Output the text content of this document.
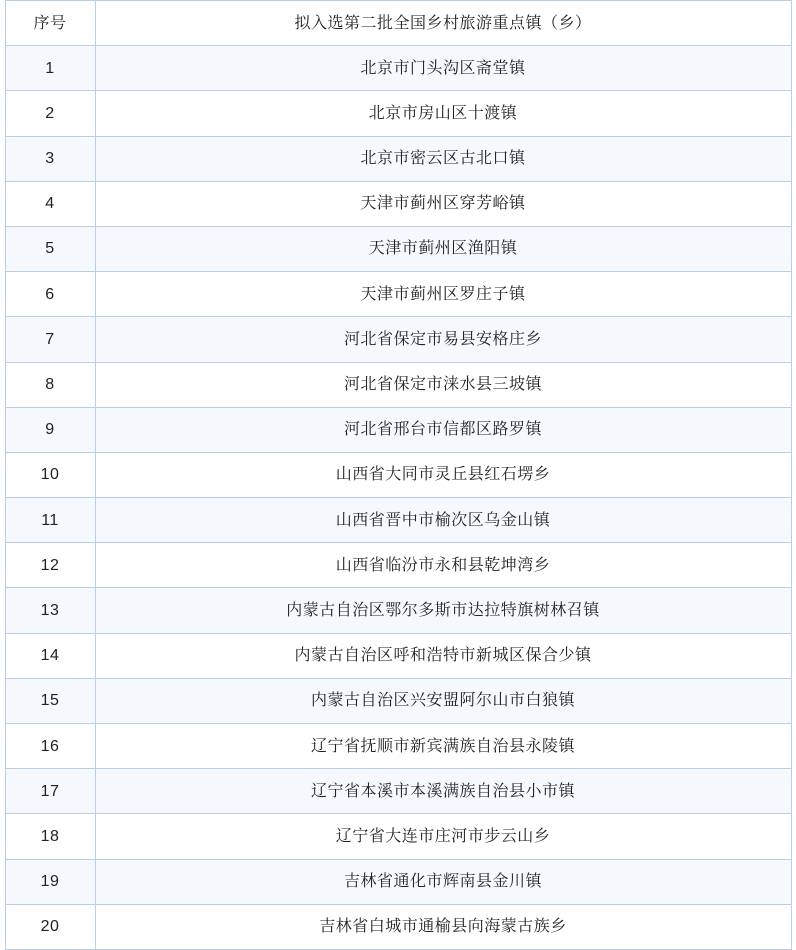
序号	拟入选第二批全国乡村旅游重点镇（乡）

1	北京市门头沟区斋堂镇

2	北京市房山区十渡镇

3	北京市密云区古北口镇

4	天津市蓟州区穿芳峪镇

5	天津市蓟州区渔阳镇

6	天津市蓟州区罗庄子镇

7	河北省保定市易县安格庄乡

8	河北省保定市涞水县三坡镇

9	河北省邢台市信都区路罗镇

10	山西省大同市灵丘县红石塄乡

11	山西省晋中市榆次区乌金山镇

12	山西省临汾市永和县乾坤湾乡

13	内蒙古自治区鄂尔多斯市达拉特旗树林召镇

14	内蒙古自治区呼和浩特市新城区保合少镇

15	内蒙古自治区兴安盟阿尔山市白狼镇

16	辽宁省抚顺市新宾满族自治县永陵镇

17	辽宁省本溪市本溪满族自治县小市镇

18	辽宁省大连市庄河市步云山乡

19	吉林省通化市辉南县金川镇

20	吉林省白城市通榆县向海蒙古族乡
